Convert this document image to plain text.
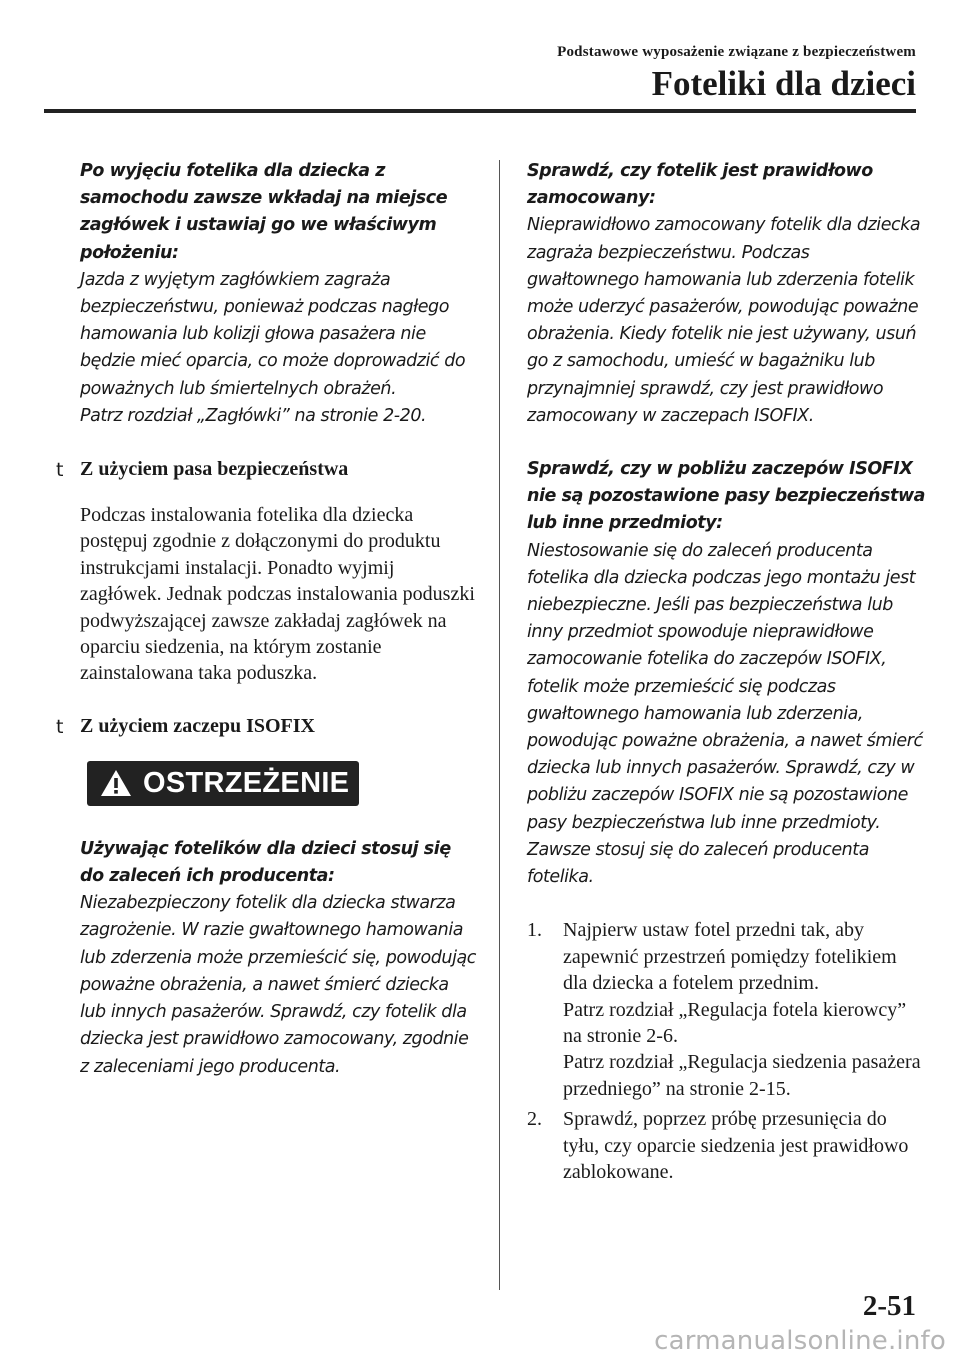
Podstawowe wyposażenie związane z bezpieczeństwem
Foteliki dla dzieci
Po wyjęciu fotelika dla dziecka z samochodu zawsze wkładaj na miejsce zagłówek i ustawiaj go we właściwym położeniu:
Jazda z wyjętym zagłówkiem zagraża bezpieczeństwu, ponieważ podczas nagłego hamowania lub kolizji głowa pasażera nie będzie mieć oparcia, co może doprowadzić do poważnych lub śmiertelnych obrażeń.
Patrz rozdział „Zagłówki” na stronie 2-20.
t Z użyciem pasa bezpieczeństwa

Podczas instalowania fotelika dla dziecka postępuj zgodnie z dołączonymi do produktu instrukcjami instalacji. Ponadto wyjmij zagłówek. Jednak podczas instalowania poduszki podwyższającej zawsze zakładaj zagłówek na oparciu siedzenia, na którym zostanie zainstalowana taka poduszka.

t Z użyciem zaczepu ISOFIX
OSTRZEŻENIE
Używając fotelików dla dzieci stosuj się do zaleceń ich producenta:
Niezabezpieczony fotelik dla dziecka stwarza zagrożenie. W razie gwałtownego hamowania lub zderzenia może przemieścić się, powodując poważne obrażenia, a nawet śmierć dziecka lub innych pasażerów. Sprawdź, czy fotelik dla dziecka jest prawidłowo zamocowany, zgodnie z zaleceniami jego producenta.
Sprawdź, czy fotelik jest prawidłowo zamocowany:
Nieprawidłowo zamocowany fotelik dla dziecka zagraża bezpieczeństwu. Podczas gwałtownego hamowania lub zderzenia fotelik może uderzyć pasażerów, powodując poważne obrażenia. Kiedy fotelik nie jest używany, usuń go z samochodu, umieść w bagażniku lub przynajmniej sprawdź, czy jest prawidłowo zamocowany w zaczepach ISOFIX.
Sprawdź, czy w pobliżu zaczepów ISOFIX nie są pozostawione pasy bezpieczeństwa lub inne przedmioty:
Niestosowanie się do zaleceń producenta fotelika dla dziecka podczas jego montażu jest niebezpieczne. Jeśli pas bezpieczeństwa lub inny przedmiot spowoduje nieprawidłowe zamocowanie fotelika do zaczepów ISOFIX, fotelik może przemieścić się podczas gwałtownego hamowania lub zderzenia, powodując poważne obrażenia, a nawet śmierć dziecka lub innych pasażerów. Sprawdź, czy w pobliżu zaczepów ISOFIX nie są pozostawione pasy bezpieczeństwa lub inne przedmioty. Zawsze stosuj się do zaleceń producenta fotelika.
1. Najpierw ustaw fotel przedni tak, aby zapewnić przestrzeń pomiędzy fotelikiem dla dziecka a fotelem przednim.
Patrz rozdział „Regulacja fotela kierowcy” na stronie 2-6.
Patrz rozdział „Regulacja siedzenia pasażera przedniego” na stronie 2-15.
2. Sprawdź, poprzez próbę przesunięcia do tyłu, czy oparcie siedzenia jest prawidłowo zablokowane.
2-51
carmanualsonline.info
